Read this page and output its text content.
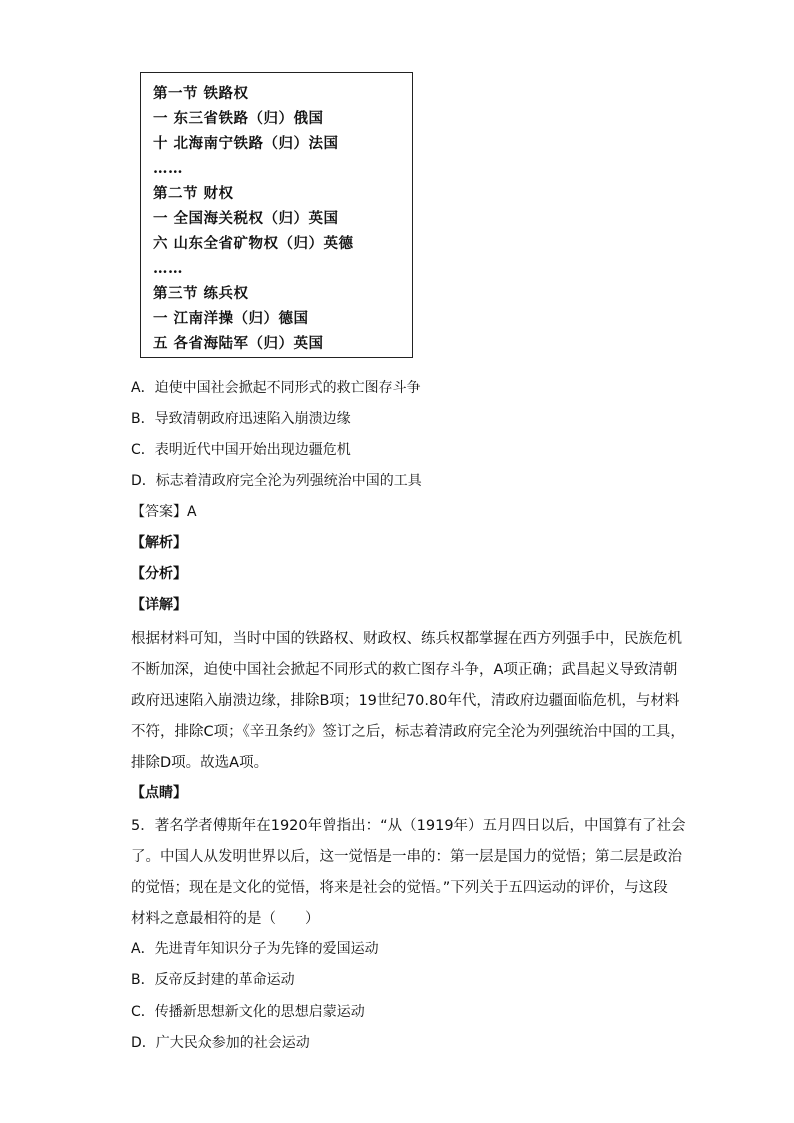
第一节 铁路权
一 东三省铁路（归）俄国
十 北海南宁铁路（归）法国
……
第二节 财权
一 全国海关税权（归）英国
六 山东全省矿物权（归）英德
……
第三节 练兵权
一 江南洋操（归）德国
五 各省海陆军（归）英国
A．迫使中国社会掀起不同形式的救亡图存斗争
B．导致清朝政府迅速陷入崩溃边缘
C．表明近代中国开始出现边疆危机
D．标志着清政府完全沦为列强统治中国的工具
【答案】A
【解析】
【分析】
【详解】
根据材料可知，当时中国的铁路权、财政权、练兵权都掌握在西方列强手中，民族危机
不断加深，迫使中国社会掀起不同形式的救亡图存斗争，A项正确；武昌起义导致清朝
政府迅速陷入崩溃边缘，排除B项；19世纪70.80年代，清政府边疆面临危机，与材料
不符，排除C项；《辛丑条约》签订之后，标志着清政府完全沦为列强统治中国的工具，
排除D项。故选A项。
【点睛】
5．著名学者傅斯年在1920年曾指出：“从（1919年）五月四日以后，中国算有了社会
了。中国人从发明世界以后，这一觉悟是一串的：第一层是国力的觉悟；第二层是政治
的觉悟；现在是文化的觉悟，将来是社会的觉悟。”下列关于五四运动的评价，与这段
材料之意最相符的是（　　）
A．先进青年知识分子为先锋的爱国运动
B．反帝反封建的革命运动
C．传播新思想新文化的思想启蒙运动
D．广大民众参加的社会运动
